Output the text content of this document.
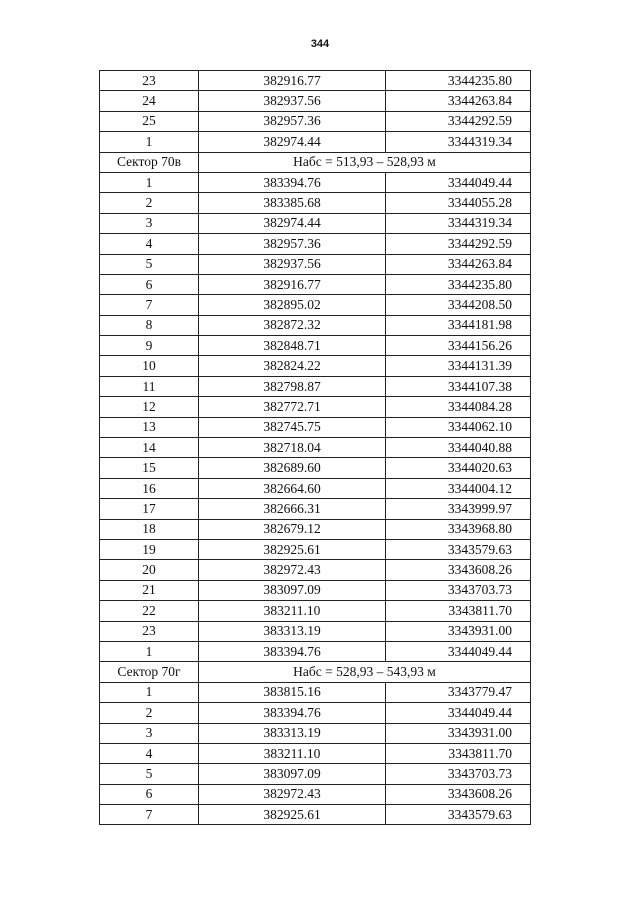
344
23	382916.77	3344235.80
24	382937.56	3344263.84
25	382957.36	3344292.59
1	382974.44	3344319.34
Сектор 70в	Набс = 513,93 – 528,93 м	
1	383394.76	3344049.44
2	383385.68	3344055.28
3	382974.44	3344319.34
4	382957.36	3344292.59
5	382937.56	3344263.84
6	382916.77	3344235.80
7	382895.02	3344208.50
8	382872.32	3344181.98
9	382848.71	3344156.26
10	382824.22	3344131.39
11	382798.87	3344107.38
12	382772.71	3344084.28
13	382745.75	3344062.10
14	382718.04	3344040.88
15	382689.60	3344020.63
16	382664.60	3344004.12
17	382666.31	3343999.97
18	382679.12	3343968.80
19	382925.61	3343579.63
20	382972.43	3343608.26
21	383097.09	3343703.73
22	383211.10	3343811.70
23	383313.19	3343931.00
1	383394.76	3344049.44
Сектор 70г	Набс = 528,93 – 543,93 м	
1	383815.16	3343779.47
2	383394.76	3344049.44
3	383313.19	3343931.00
4	383211.10	3343811.70
5	383097.09	3343703.73
6	382972.43	3343608.26
7	382925.61	3343579.63
